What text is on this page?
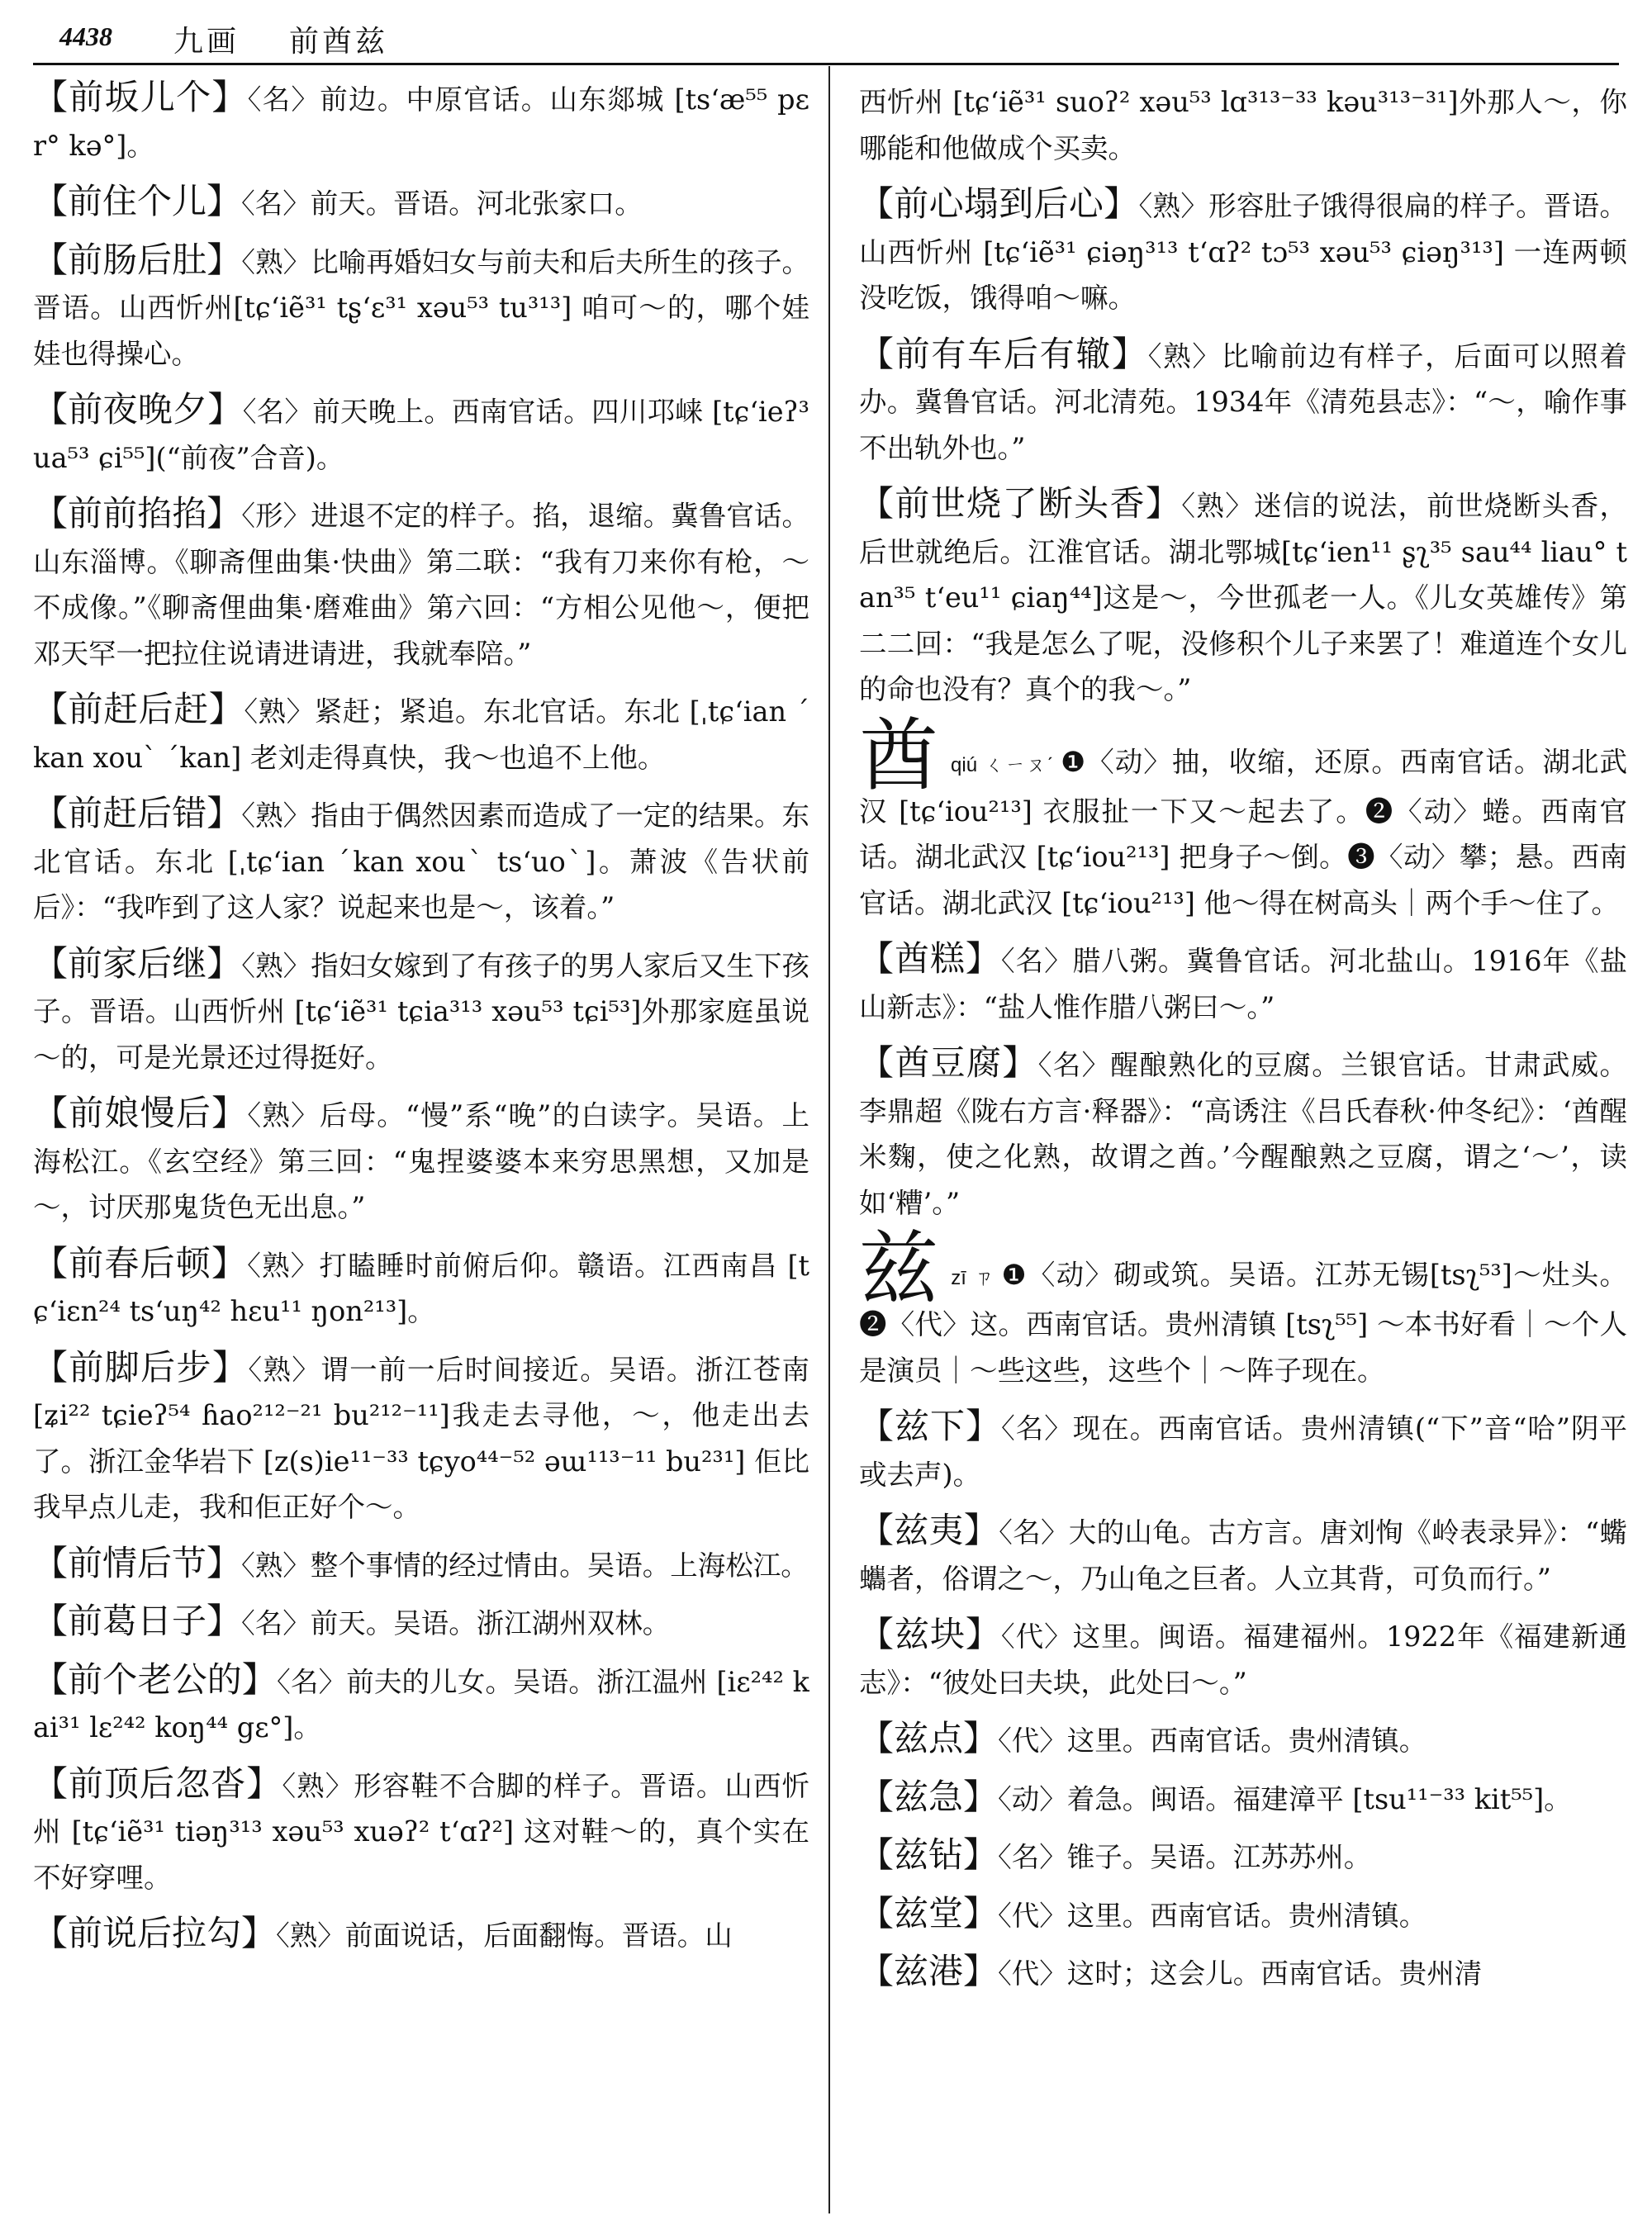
4438 九画 前酋兹

【前坂儿个】〈名〉前边。中原官话。山东郯城 [ts‘æ⁵⁵ pɛr° kə°]。

【前住个儿】〈名〉前天。晋语。河北张家口。

【前肠后肚】〈熟〉比喻再婚妇女与前夫和后夫所生的孩子。晋语。山西忻州[tɕ‘iẽ³¹ tʂ‘ɛ³¹ xəu⁵³ tu³¹³] 咱可～的，哪个娃娃也得操心。

【前夜晚夕】〈名〉前天晚上。西南官话。四川邛崃 [tɕ‘ieʔ³ ua⁵³ ɕi⁵⁵](“前夜”合音)。

【前前掐掐】〈形〉进退不定的样子。掐，退缩。冀鲁官话。山东淄博。《聊斋俚曲集·快曲》第二联：“我有刀来你有枪，～不成像。”《聊斋俚曲集·磨难曲》第六回：“方相公见他～，便把邓天罕一把拉住说请进请进，我就奉陪。”

【前赶后赶】〈熟〉紧赶；紧追。东北官话。东北 [ˌtɕ‘ian ˊkan xouˋ ˊkan] 老刘走得真快，我～也追不上他。

【前赶后错】〈熟〉指由于偶然因素而造成了一定的结果。东北官话。东北 [ˌtɕ‘ian ˊkan xouˋ ts‘uoˋ]。萧波《告状前后》：“我咋到了这人家？说起来也是～，该着。”

【前家后继】〈熟〉指妇女嫁到了有孩子的男人家后又生下孩子。晋语。山西忻州 [tɕ‘iẽ³¹ tɕia³¹³ xəu⁵³ tɕi⁵³]外那家庭虽说～的，可是光景还过得挺好。

【前娘慢后】〈熟〉后母。“慢”系“晚”的白读字。吴语。上海松江。《玄空经》第三回：“鬼捏婆婆本来穷思黑想，又加是～，讨厌那鬼货色无出息。”

【前春后顿】〈熟〉打瞌睡时前俯后仰。赣语。江西南昌 [tɕ‘iɛn²⁴ ts‘uŋ⁴² hɛu¹¹ ŋon²¹³]。

【前脚后步】〈熟〉谓一前一后时间接近。吴语。浙江苍南 [ʑi²² tɕieʔ⁵⁴ ɦao²¹²⁻²¹ bu²¹²⁻¹¹]我走去寻他，～，他走出去了。浙江金华岩下 [z(s)ie¹¹⁻³³ tɕyo⁴⁴⁻⁵² əɯ¹¹³⁻¹¹ bu²³¹] 佢比我早点儿走，我和佢正好个～。

【前情后节】〈熟〉整个事情的经过情由。吴语。上海松江。

【前葛日子】〈名〉前天。吴语。浙江湖州双林。

【前个老公的】〈名〉前夫的儿女。吴语。浙江温州 [iɛ²⁴² kai³¹ lɛ²⁴² koŋ⁴⁴ gɛ°]。

【前顶后忽沓】〈熟〉形容鞋不合脚的样子。晋语。山西忻州 [tɕ‘iẽ³¹ tiəŋ³¹³ xəu⁵³ xuəʔ² t‘ɑʔ²] 这对鞋～的，真个实在不好穿哩。

【前说后拉勾】〈熟〉前面说话，后面翻悔。晋语。山

西忻州 [tɕ‘iẽ³¹ suoʔ² xəu⁵³ lɑ³¹³⁻³³ kəu³¹³⁻³¹]外那人～，你哪能和他做成个买卖。

【前心塌到后心】〈熟〉形容肚子饿得很扁的样子。晋语。山西忻州 [tɕ‘iẽ³¹ ɕiəŋ³¹³ t‘ɑʔ² tɔ⁵³ xəu⁵³ ɕiəŋ³¹³] 一连两顿没吃饭，饿得咱～嘛。

【前有车后有辙】〈熟〉比喻前边有样子，后面可以照着办。冀鲁官话。河北清苑。1934年《清苑县志》：“～，喻作事不出轨外也。”

【前世烧了断头香】〈熟〉迷信的说法，前世烧断头香，后世就绝后。江淮官话。湖北鄂城[tɕ‘ien¹¹ ʂʅ³⁵ sau⁴⁴ liau° tan³⁵ t‘eu¹¹ ɕiaŋ⁴⁴]这是～，今世孤老一人。《儿女英雄传》第二二回：“我是怎么了呢，没修积个儿子来罢了！难道连个女儿的命也没有？真个的我～。”

酋qiú ㄑㄧㄡˊ ❶〈动〉抽，收缩，还原。西南官话。湖北武汉 [tɕ‘iou²¹³] 衣服扯一下又～起去了。❷〈动〉蜷。西南官话。湖北武汉 [tɕ‘iou²¹³] 把身子～倒。❸〈动〉攀；悬。西南官话。湖北武汉 [tɕ‘iou²¹³] 他～得在树高头｜两个手～住了。

【酋糕】〈名〉腊八粥。冀鲁官话。河北盐山。1916年《盐山新志》：“盐人惟作腊八粥曰～。”

【酋豆腐】〈名〉醒酿熟化的豆腐。兰银官话。甘肃武威。李鼎超《陇右方言·释器》：“高诱注《吕氏春秋·仲冬纪》：‘酋醒米麴，使之化熟，故谓之酋。’今醒酿熟之豆腐，谓之‘～’，读如‘糟’。”

兹zī ㄗ ❶〈动〉砌或筑。吴语。江苏无锡[tsʅ⁵³]～灶头。❷〈代〉这。西南官话。贵州清镇 [tsʅ⁵⁵] ～本书好看｜～个人是演员｜～些这些，这些个｜～阵子现在。

【兹下】〈名〉现在。西南官话。贵州清镇(“下”音“哈”阴平或去声)。

【兹夷】〈名〉大的山龟。古方言。唐刘恂《岭表录异》：“蟕蠵者，俗谓之～，乃山龟之巨者。人立其背，可负而行。”

【兹块】〈代〉这里。闽语。福建福州。1922年《福建新通志》：“彼处曰夫块，此处曰～。”

【兹点】〈代〉这里。西南官话。贵州清镇。

【兹急】〈动〉着急。闽语。福建漳平 [tsu¹¹⁻³³ kit⁵⁵]。

【兹钻】〈名〉锥子。吴语。江苏苏州。

【兹堂】〈代〉这里。西南官话。贵州清镇。

【兹港】〈代〉这时；这会儿。西南官话。贵州清
